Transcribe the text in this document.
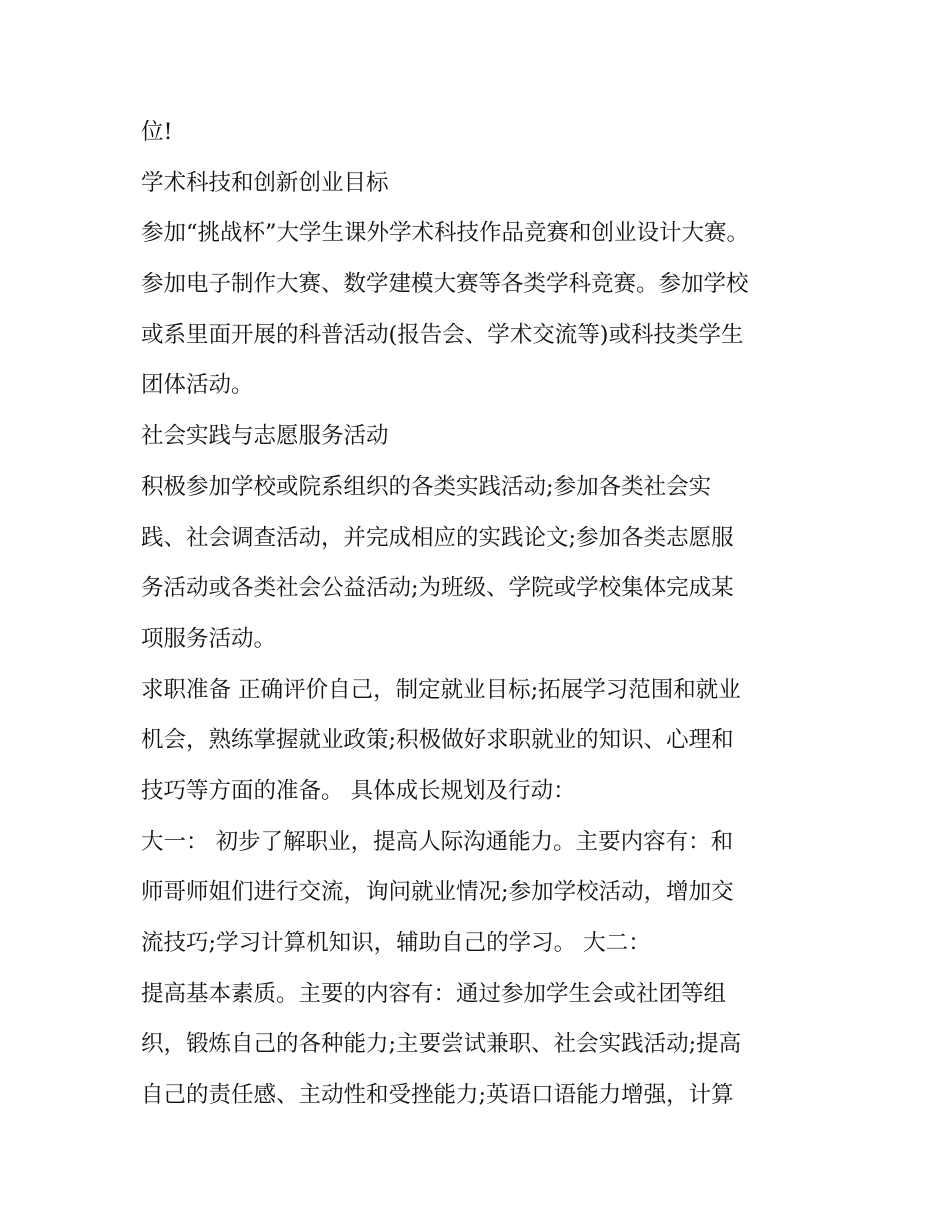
位!
学术科技和创新创业目标
参加“挑战杯”大学生课外学术科技作品竞赛和创业设计大赛。
参加电子制作大赛、数学建模大赛等各类学科竞赛。参加学校
或系里面开展的科普活动(报告会、学术交流等)或科技类学生
团体活动。
社会实践与志愿服务活动
积极参加学校或院系组织的各类实践活动;参加各类社会实
践、社会调查活动，并完成相应的实践论文;参加各类志愿服
务活动或各类社会公益活动;为班级、学院或学校集体完成某
项服务活动。
求职准备 正确评价自己，制定就业目标;拓展学习范围和就业
机会，熟练掌握就业政策;积极做好求职就业的知识、心理和
技巧等方面的准备。 具体成长规划及行动：
大一： 初步了解职业，提高人际沟通能力。主要内容有：和
师哥师姐们进行交流，询问就业情况;参加学校活动，增加交
流技巧;学习计算机知识，辅助自己的学习。 大二：
提高基本素质。主要的内容有：通过参加学生会或社团等组
织，锻炼自己的各种能力;主要尝试兼职、社会实践活动;提高
自己的责任感、主动性和受挫能力;英语口语能力增强，计算
